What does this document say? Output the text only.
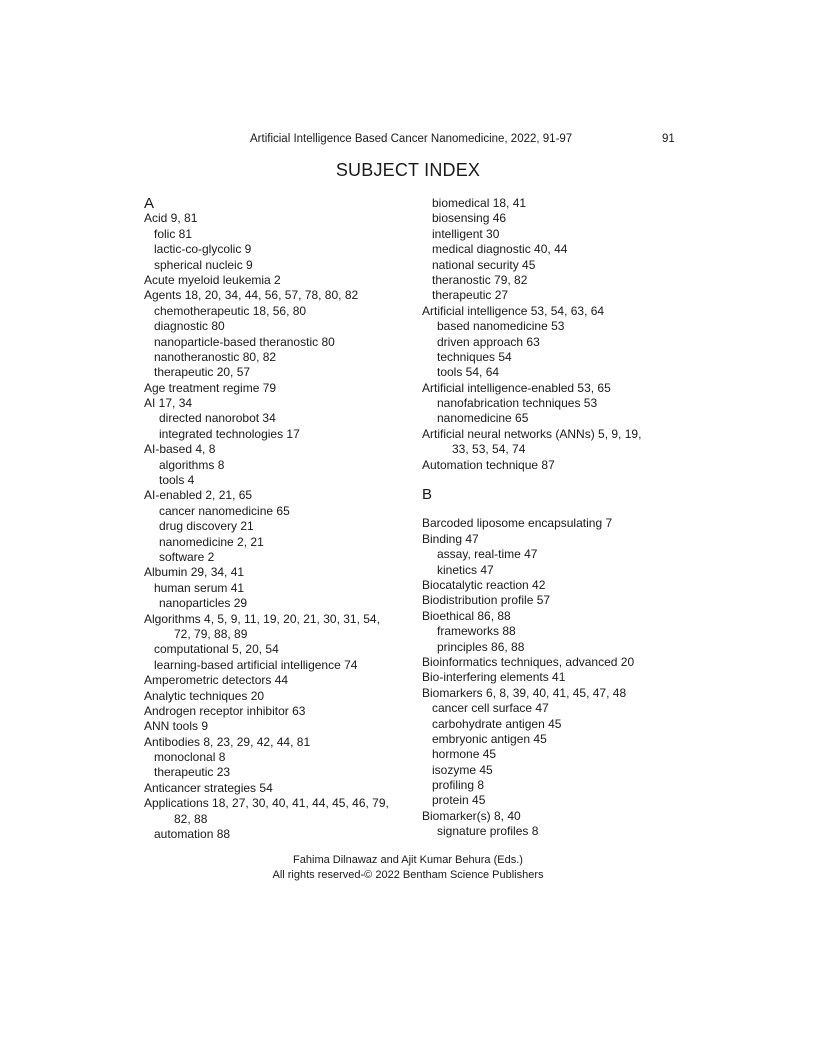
Artificial Intelligence Based Cancer Nanomedicine, 2022, 91-97	91
SUBJECT INDEX
A
Acid 9, 81
folic 81
lactic-co-glycolic 9
spherical nucleic 9
Acute myeloid leukemia 2
Agents 18, 20, 34, 44, 56, 57, 78, 80, 82
chemotherapeutic 18, 56, 80
diagnostic 80
nanoparticle-based theranostic 80
nanotheranostic 80, 82
therapeutic 20, 57
Age treatment regime 79
AI 17, 34
directed nanorobot 34
integrated technologies 17
AI-based 4, 8
algorithms 8
tools 4
AI-enabled 2, 21, 65
cancer nanomedicine 65
drug discovery 21
nanomedicine 2, 21
software 2
Albumin 29, 34, 41
human serum 41
nanoparticles 29
Algorithms 4, 5, 9, 11, 19, 20, 21, 30, 31, 54,
72, 79, 88, 89
computational 5, 20, 54
learning-based artificial intelligence 74
Amperometric detectors 44
Analytic techniques 20
Androgen receptor inhibitor 63
ANN tools 9
Antibodies 8, 23, 29, 42, 44, 81
monoclonal 8
therapeutic 23
Anticancer strategies 54
Applications 18, 27, 30, 40, 41, 44, 45, 46, 79,
82, 88
automation 88
biomedical 18, 41
biosensing 46
intelligent 30
medical diagnostic 40, 44
national security 45
theranostic 79, 82
therapeutic 27
Artificial intelligence 53, 54, 63, 64
based nanomedicine 53
driven approach 63
techniques 54
tools 54, 64
Artificial intelligence-enabled 53, 65
nanofabrication techniques 53
nanomedicine 65
Artificial neural networks (ANNs) 5, 9, 19,
33, 53, 54, 74
Automation technique 87
B
Barcoded liposome encapsulating 7
Binding 47
assay, real-time 47
kinetics 47
Biocatalytic reaction 42
Biodistribution profile 57
Bioethical 86, 88
frameworks 88
principles 86, 88
Bioinformatics techniques, advanced 20
Bio-interfering elements 41
Biomarkers 6, 8, 39, 40, 41, 45, 47, 48
cancer cell surface 47
carbohydrate antigen 45
embryonic antigen 45
hormone 45
isozyme 45
profiling 8
protein 45
Biomarker(s) 8, 40
signature profiles 8
Fahima Dilnawaz and Ajit Kumar Behura (Eds.)
All rights reserved-© 2022 Bentham Science Publishers
